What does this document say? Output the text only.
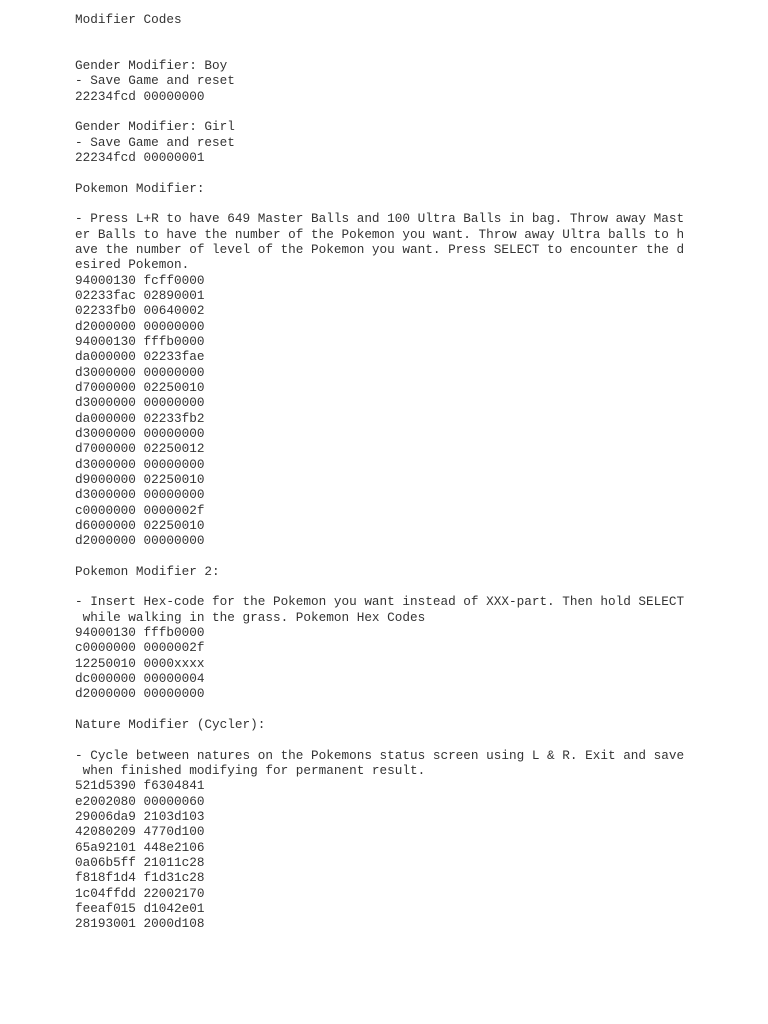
Modifier Codes
Gender Modifier: Boy
- Save Game and reset
22234fcd 00000000
Gender Modifier: Girl
- Save Game and reset
22234fcd 00000001
Pokemon Modifier:
- Press L+R to have 649 Master Balls and 100 Ultra Balls in bag. Throw away Mast
er Balls to have the number of the Pokemon you want. Throw away Ultra balls to h
ave the number of level of the Pokemon you want. Press SELECT to encounter the d
esired Pokemon.
94000130 fcff0000
02233fac 02890001
02233fb0 00640002
d2000000 00000000
94000130 fffb0000
da000000 02233fae
d3000000 00000000
d7000000 02250010
d3000000 00000000
da000000 02233fb2
d3000000 00000000
d7000000 02250012
d3000000 00000000
d9000000 02250010
d3000000 00000000
c0000000 0000002f
d6000000 02250010
d2000000 00000000
Pokemon Modifier 2:
- Insert Hex-code for the Pokemon you want instead of XXX-part. Then hold SELECT
while walking in the grass. Pokemon Hex Codes
94000130 fffb0000
c0000000 0000002f
12250010 0000xxxx
dc000000 00000004
d2000000 00000000
Nature Modifier (Cycler):
- Cycle between natures on the Pokemons status screen using L & R. Exit and save
when finished modifying for permanent result.
521d5390 f6304841
e2002080 00000060
29006da9 2103d103
42080209 4770d100
65a92101 448e2106
0a06b5ff 21011c28
f818f1d4 f1d31c28
1c04ffdd 22002170
feeaf015 d1042e01
28193001 2000d108
